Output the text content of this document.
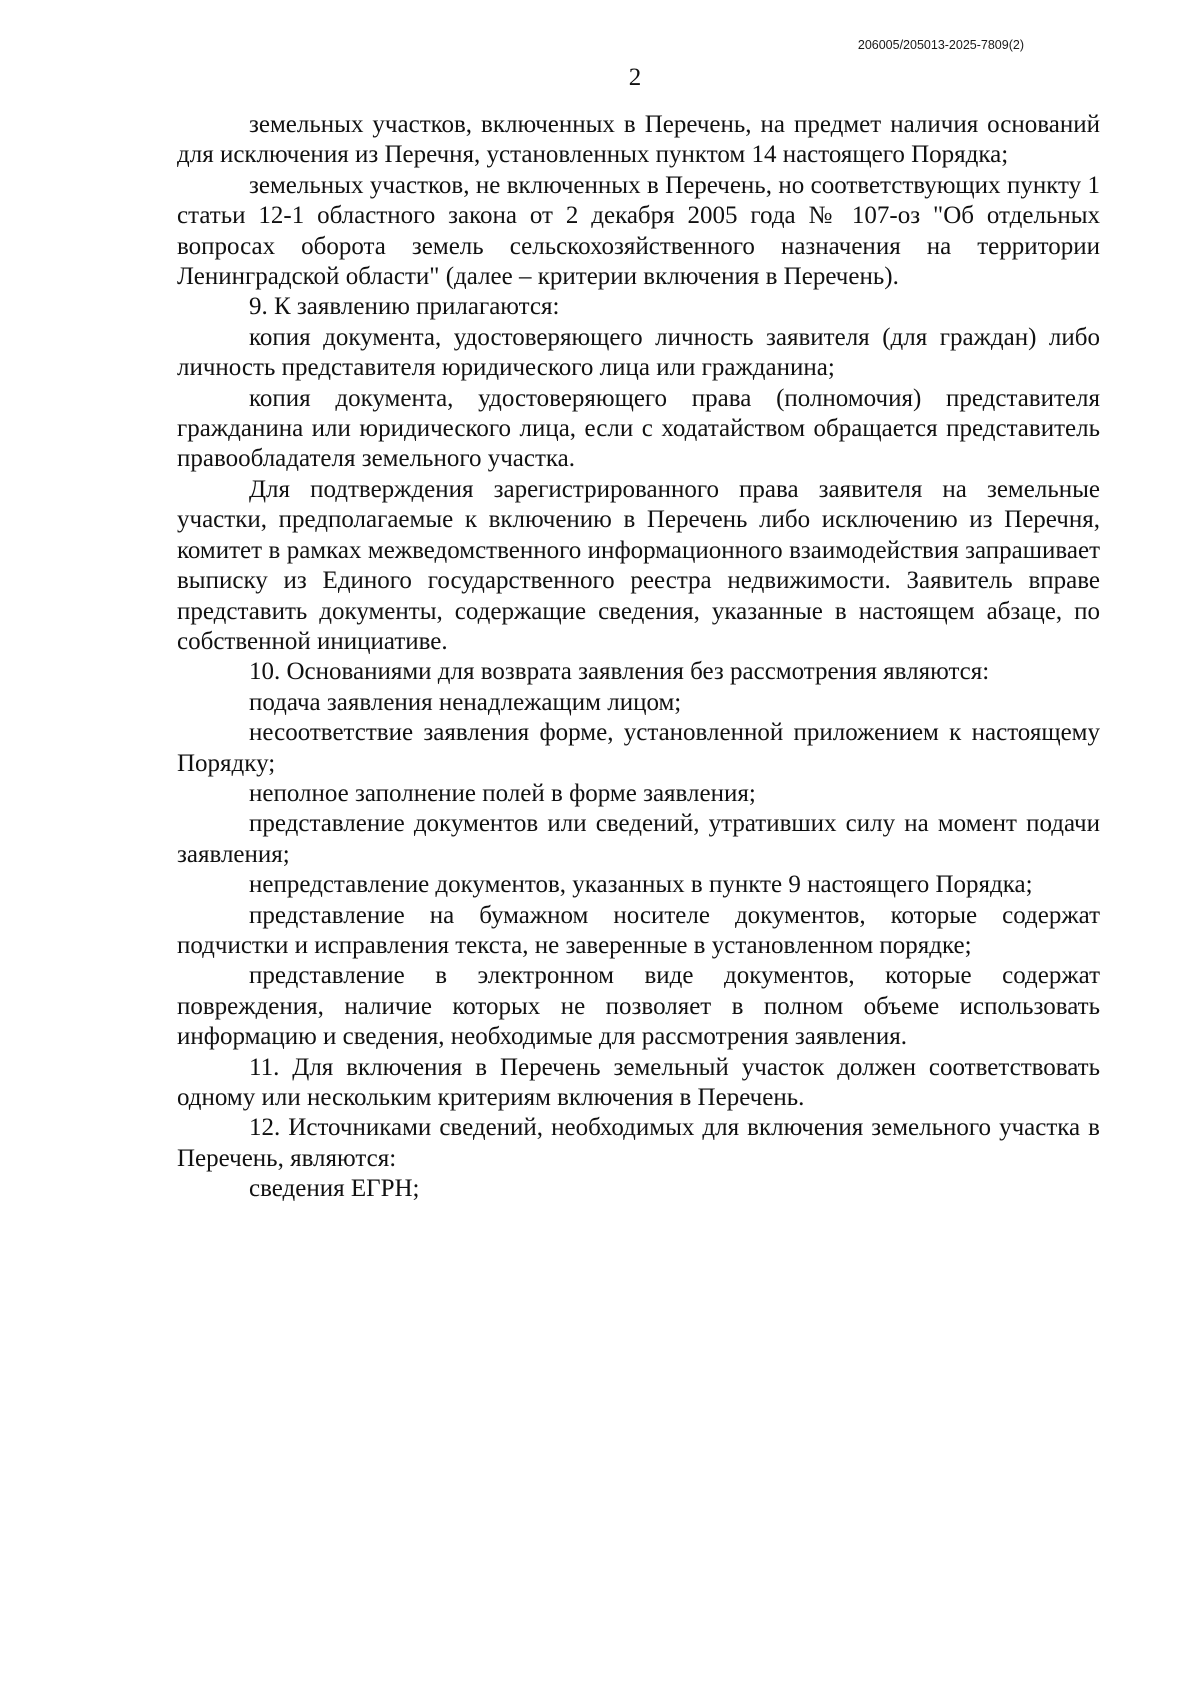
206005/205013-2025-7809(2)
2

земельных участков, включенных в Перечень, на предмет наличия оснований для исключения из Перечня, установленных пунктом 14 настоящего Порядка;

земельных участков, не включенных в Перечень, но соответствующих пункту 1 статьи 12-1 областного закона от 2 декабря 2005 года № 107-оз "Об отдельных вопросах оборота земель сельскохозяйственного назначения на территории Ленинградской области" (далее – критерии включения в Перечень).

9. К заявлению прилагаются:

копия документа, удостоверяющего личность заявителя (для граждан) либо личность представителя юридического лица или гражданина;

копия документа, удостоверяющего права (полномочия) представителя гражданина или юридического лица, если с ходатайством обращается представитель правообладателя земельного участка.

Для подтверждения зарегистрированного права заявителя на земельные участки, предполагаемые к включению в Перечень либо исключению из Перечня, комитет в рамках межведомственного информационного взаимодействия запрашивает выписку из Единого государственного реестра недвижимости. Заявитель вправе представить документы, содержащие сведения, указанные в настоящем абзаце, по собственной инициативе.

10. Основаниями для возврата заявления без рассмотрения являются:

подача заявления ненадлежащим лицом;

несоответствие заявления форме, установленной приложением к настоящему Порядку;

неполное заполнение полей в форме заявления;

представление документов или сведений, утративших силу на момент подачи заявления;

непредставление документов, указанных в пункте 9 настоящего Порядка;

представление на бумажном носителе документов, которые содержат подчистки и исправления текста, не заверенные в установленном порядке;

представление в электронном виде документов, которые содержат повреждения, наличие которых не позволяет в полном объеме использовать информацию и сведения, необходимые для рассмотрения заявления.

11. Для включения в Перечень земельный участок должен соответствовать одному или нескольким критериям включения в Перечень.

12. Источниками сведений, необходимых для включения земельного участка в Перечень, являются:

сведения ЕГРН;
